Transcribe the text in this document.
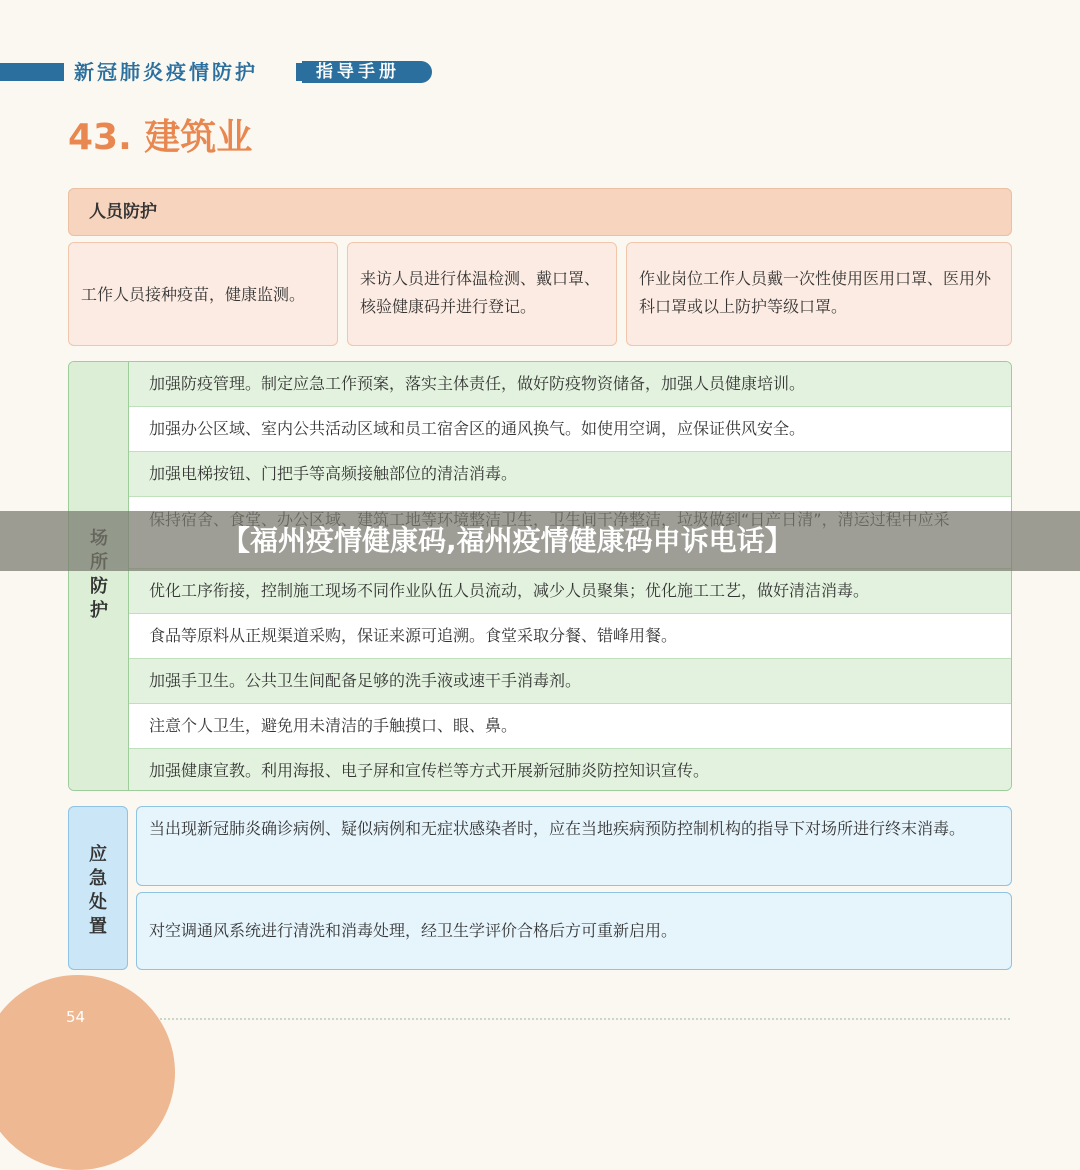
新冠肺炎疫情防护	指导手册
43. 建筑业
人员防护
工作人员接种疫苗，健康监测。
来访人员进行体温检测、戴口罩、核验健康码并进行登记。
作业岗位工作人员戴一次性使用医用口罩、医用外科口罩或以上防护等级口罩。

防
护
加强防疫管理。制定应急工作预案，落实主体责任，做好防疫物资储备，加强人员健康培训。
加强办公区域、室内公共活动区域和员工宿舍区的通风换气。如使用空调，应保证供风安全。
加强电梯按钮、门把手等高频接触部位的清洁消毒。
优化工序衔接，控制施工现场不同作业队伍人员流动，减少人员聚集；优化施工工艺，做好清洁消毒。
食品等原料从正规渠道采购，保证来源可追溯。食堂采取分餐、错峰用餐。
加强手卫生。公共卫生间配备足够的洗手液或速干手消毒剂。
注意个人卫生，避免用未清洁的手触摸口、眼、鼻。
加强健康宣教。利用海报、电子屏和宣传栏等方式开展新冠肺炎防控知识宣传。
应
急
处
置
当出现新冠肺炎确诊病例、疑似病例和无症状感染者时，应在当地疾病预防控制机构的指导下对场所进行终末消毒。
对空调通风系统进行清洗和消毒处理，经卫生学评价合格后方可重新启用。
54
【福州疫情健康码,福州疫情健康码申诉电话】
